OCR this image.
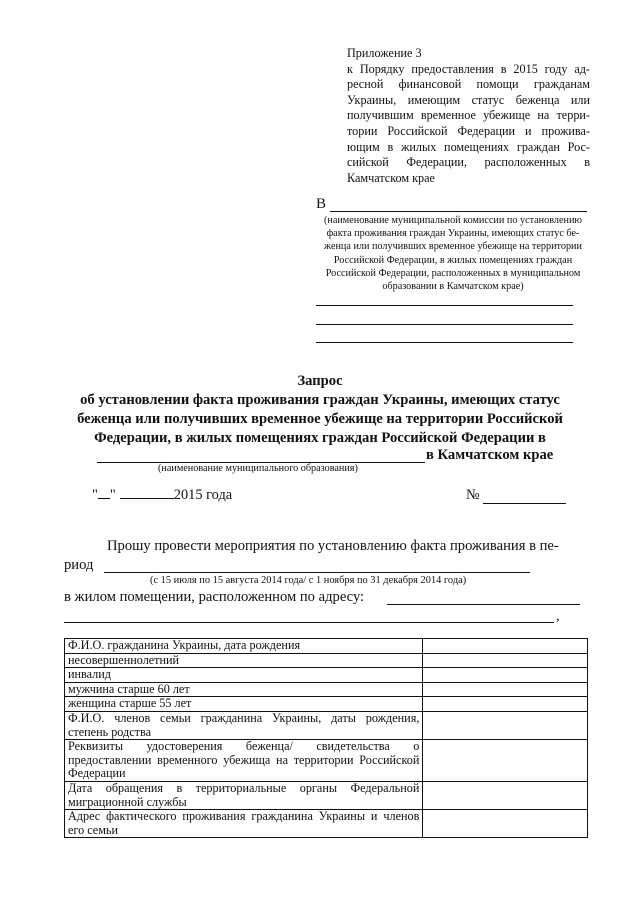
Приложение 3
к Порядку предоставления в 2015 году ад-
ресной финансовой помощи гражданам
Украины, имеющим статус беженца или
получившим временное убежище на терри-
тории Российской Федерации и прожива-
ющим в жилых помещениях граждан Рос-
сийской Федерации, расположенных в
Камчатском крае
В
(наименование муниципальной комиссии по установлению
факта проживания граждан Украины, имеющих статус бе-
женца или получивших временное убежище на территории
Российской Федерации, в жилых помещениях граждан
Российской Федерации, расположенных в муниципальном
образовании в Камчатском крае)
Запрос
об установлении факта проживания граждан Украины, имеющих статус
беженца или получивших временное убежище на территории Российской
Федерации, в жилых помещениях граждан Российской Федерации в
в Камчатском крае
(наименование муниципального образования)
" "	2015 года	№
Прошу провести мероприятия по установлению факта проживания в пе-
риод
(с 15 июля по 15 августа 2014 года/ с 1 ноября по 31 декабря 2014 года)
в жилом помещении, расположенном по адресу:
,
Ф.И.О. гражданина Украины, дата рождения	
несовершеннолетний	
инвалид	
мужчина старше 60 лет	
женщина старше 55 лет	
Ф.И.О. членов семьи гражданина Украины, даты рождения, степень родства	
Реквизиты удостоверения беженца/ свидетельства о предоставлении временного убежища на территории Российской Федерации	
Дата обращения в территориальные органы Федеральной миграционной службы	
Адрес фактического проживания гражданина Украины и членов его семьи	
